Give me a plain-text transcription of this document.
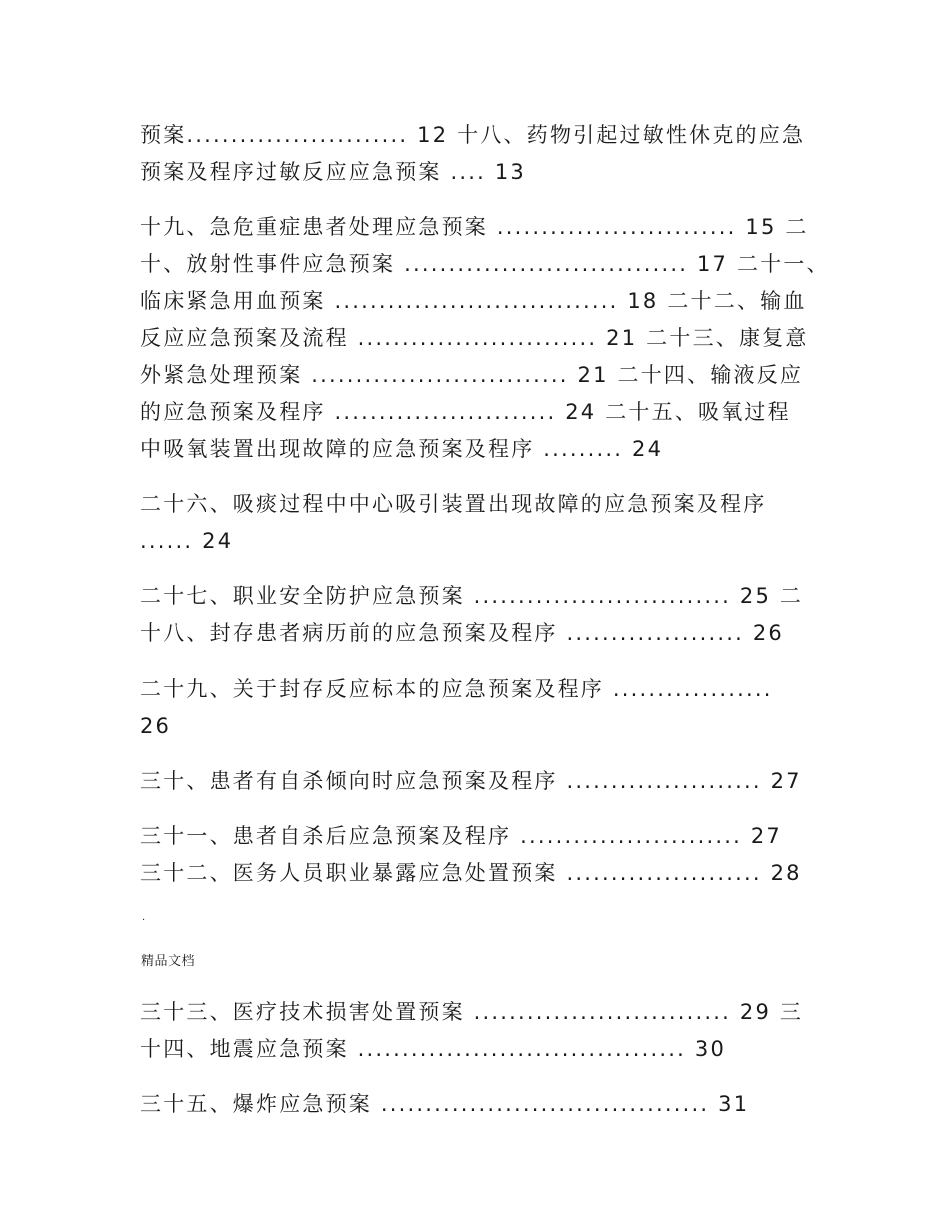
预案......................... 12 十八、药物引起过敏性休克的应急
预案及程序过敏反应应急预案 .... 13
十九、急危重症患者处理应急预案 ........................... 15 二
十、放射性事件应急预案 ................................ 17 二十一、
临床紧急用血预案 ................................ 18 二十二、输血
反应应急预案及流程 ........................... 21 二十三、康复意
外紧急处理预案 ............................. 21 二十四、输液反应
的应急预案及程序 ......................... 24 二十五、吸氧过程
中吸氧装置出现故障的应急预案及程序 ......... 24
二十六、吸痰过程中中心吸引装置出现故障的应急预案及程序
...... 24
二十七、职业安全防护应急预案 ............................. 25 二
十八、封存患者病历前的应急预案及程序 .................... 26
二十九、关于封存反应标本的应急预案及程序 ..................
26
三十、患者有自杀倾向时应急预案及程序 ...................... 27
三十一、患者自杀后应急预案及程序 ......................... 27
三十二、医务人员职业暴露应急处置预案 ...................... 28
.
精品文档
三十三、医疗技术损害处置预案 ............................. 29 三
十四、地震应急预案 ..................................... 30
三十五、爆炸应急预案 ..................................... 31
